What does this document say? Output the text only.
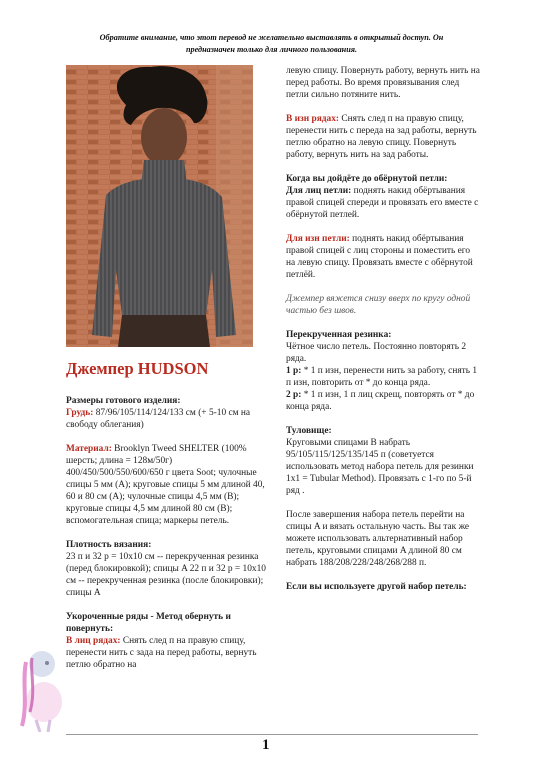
Обратите внимание, что этот перевод не желательно выставлять в открытый доступ. Он
предназначен только для личного пользования.
Джемпер HUDSON

Размеры готового изделия:
Грудь: 87/96/105/114/124/133 см (+ 5-10 см на свободу облегания)

Материал: Brooklyn Tweed SHELTER (100% шерсть; длина = 128м/50г) 400/450/500/550/600/650 г цвета Soot; чулочные спицы 5 мм (A); круговые спицы 5 мм длиной 40, 60 и 80 см (A); чулочные спицы 4,5 мм (B); круговые спицы 4,5 мм длиной 80 см (B); вспомогательная спица; маркеры петель.

Плотность вязания:
23 п и 32 р = 10x10 см -- перекрученная резинка (перед блокировкой); спицы A 22 п и 32 р = 10x10 см -- перекрученная резинка (после блокировки); спицы A

Укороченные ряды - Метод обернуть и повернуть:
В лиц рядах: Снять след п на правую спицу, перенести нить с зада на перед работы, вернуть петлю обратно на

левую спицу. Повернуть работу, вернуть нить на перед работы. Во время провязывания след петли сильно потяните нить.

В изн рядах: Снять след п на правую спицу, перенести нить с переда на зад работы, вернуть петлю обратно на левую спицу. Повернуть работу, вернуть нить на зад работы.

Когда вы дойдёте до обёрнутой петли:
Для лиц петли: поднять накид обёртывания правой спицей спереди и провязать его вместе с обёрнутой петлей.

Для изн петли: поднять накид обёртывания правой спицей с лиц стороны и поместить его на левую спицу. Провязать вместе с обёрнутой петлёй.

Джемпер вяжется снизу вверх по кругу одной частью без швов.

Перекрученная резинка:
Чётное число петель. Постоянно повторять 2 ряда.
1 р: * 1 п изн, перенести нить за работу, снять 1 п изн, повторить от * до конца ряда.
2 р: * 1 п изн, 1 п лиц скрещ, повторять от * до конца ряда.

Туловище:
Круговыми спицами B набрать 95/105/115/125/135/145 п (советуется использовать метод набора петель для резинки 1x1 = Tubular Method). Провязать с 1-го по 5-й ряд .

После завершения набора петель перейти на спицы A и вязать остальную часть. Вы так же можете использовать альтернативный набор петель, круговыми спицами A длиной 80 см набрать 188/208/228/248/268/288 п.

Если вы используете другой набор петель:

1
